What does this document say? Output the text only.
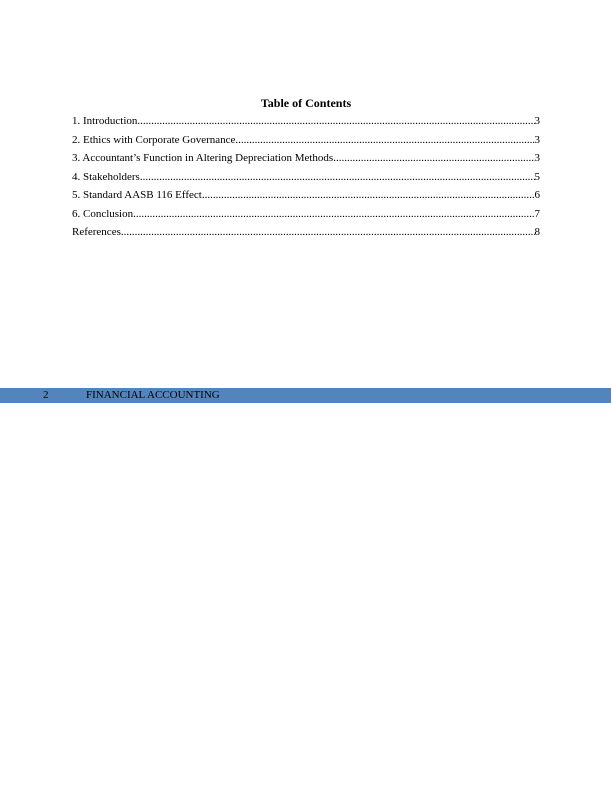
Table of Contents
1. Introduction .....	3
2. Ethics with Corporate Governance .....	3
3. Accountant’s Function in Altering Depreciation Methods .....	3
4. Stakeholders .....	5
5. Standard AASB 116 Effect .....	6
6. Conclusion .....	7
References .....	8
2	FINANCIAL ACCOUNTING
